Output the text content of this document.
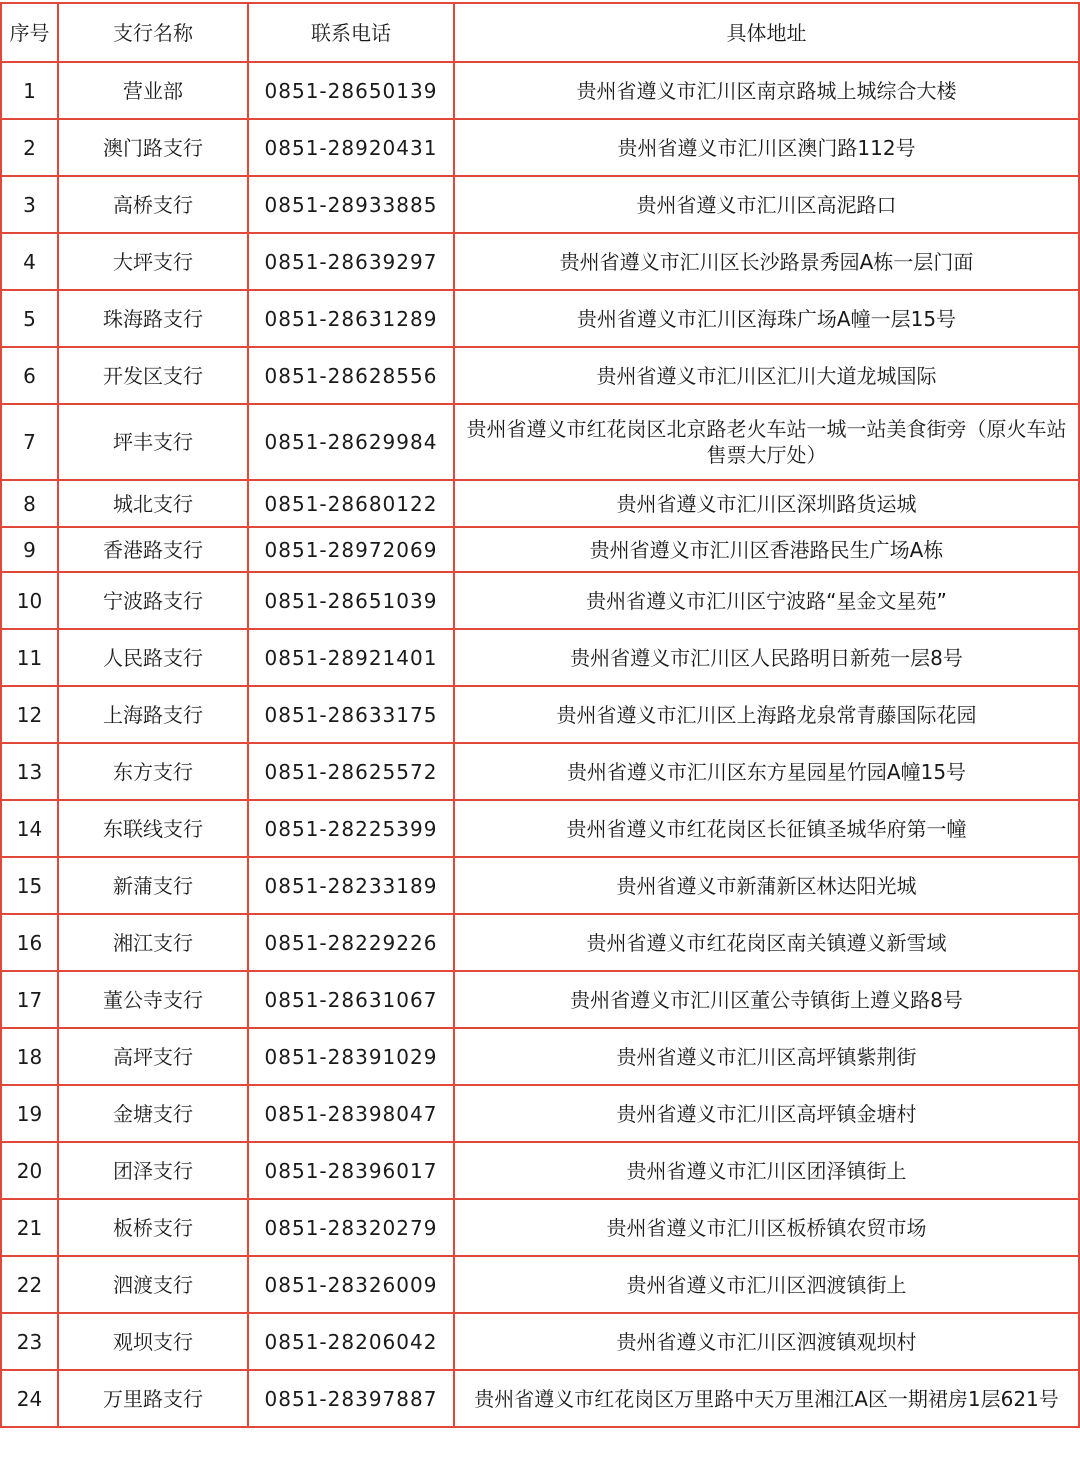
序号	支行名称	联系电话	具体地址
1	营业部	0851-28650139	贵州省遵义市汇川区南京路城上城综合大楼
2	澳门路支行	0851-28920431	贵州省遵义市汇川区澳门路112号
3	高桥支行	0851-28933885	贵州省遵义市汇川区高泥路口
4	大坪支行	0851-28639297	贵州省遵义市汇川区长沙路景秀园A栋一层门面
5	珠海路支行	0851-28631289	贵州省遵义市汇川区海珠广场A幢一层15号
6	开发区支行	0851-28628556	贵州省遵义市汇川区汇川大道龙城国际
7	坪丰支行	0851-28629984	贵州省遵义市红花岗区北京路老火车站一城一站美食街旁（原火车站售票大厅处）
8	城北支行	0851-28680122	贵州省遵义市汇川区深圳路货运城
9	香港路支行	0851-28972069	贵州省遵义市汇川区香港路民生广场A栋
10	宁波路支行	0851-28651039	贵州省遵义市汇川区宁波路“星金文星苑”
11	人民路支行	0851-28921401	贵州省遵义市汇川区人民路明日新苑一层8号
12	上海路支行	0851-28633175	贵州省遵义市汇川区上海路龙泉常青藤国际花园
13	东方支行	0851-28625572	贵州省遵义市汇川区东方星园星竹园A幢15号
14	东联线支行	0851-28225399	贵州省遵义市红花岗区长征镇圣城华府第一幢
15	新蒲支行	0851-28233189	贵州省遵义市新蒲新区林达阳光城
16	湘江支行	0851-28229226	贵州省遵义市红花岗区南关镇遵义新雪域
17	董公寺支行	0851-28631067	贵州省遵义市汇川区董公寺镇街上遵义路8号
18	高坪支行	0851-28391029	贵州省遵义市汇川区高坪镇紫荆街
19	金塘支行	0851-28398047	贵州省遵义市汇川区高坪镇金塘村
20	团泽支行	0851-28396017	贵州省遵义市汇川区团泽镇街上
21	板桥支行	0851-28320279	贵州省遵义市汇川区板桥镇农贸市场
22	泗渡支行	0851-28326009	贵州省遵义市汇川区泗渡镇街上
23	观坝支行	0851-28206042	贵州省遵义市汇川区泗渡镇观坝村
24	万里路支行	0851-28397887	贵州省遵义市红花岗区万里路中天万里湘江A区一期裙房1层621号
